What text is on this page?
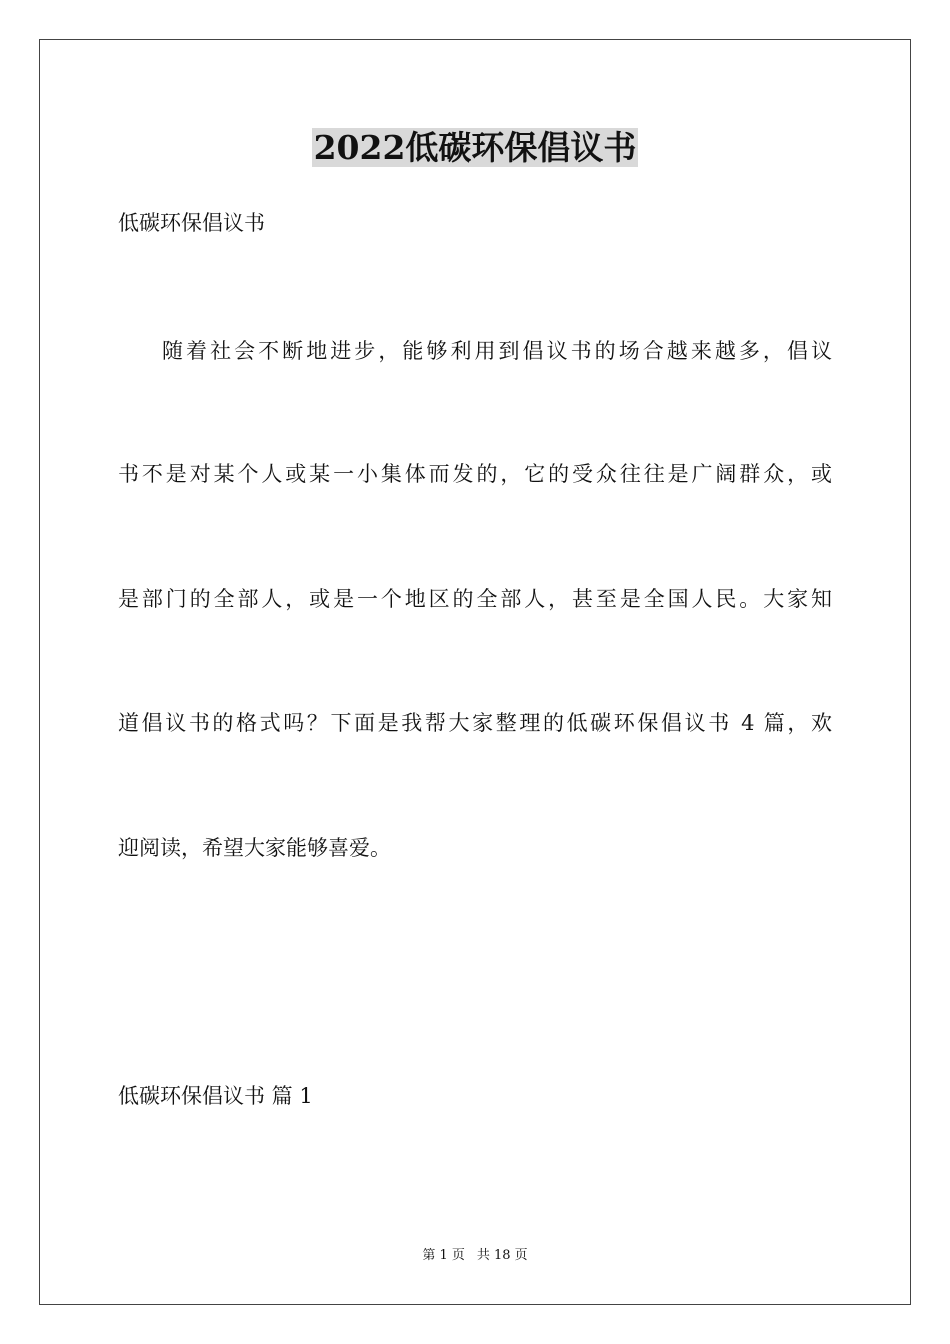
2022低碳环保倡议书
低碳环保倡议书
随着社会不断地进步，能够利用到倡议书的场合越来越多，倡议
书不是对某个人或某一小集体而发的，它的受众往往是广阔群众，或
是部门的全部人，或是一个地区的全部人，甚至是全国人民。大家知
道倡议书的格式吗？下面是我帮大家整理的低碳环保倡议书 4 篇，欢
迎阅读，希望大家能够喜爱。
低碳环保倡议书 篇 1
第 1 页 共 18 页
